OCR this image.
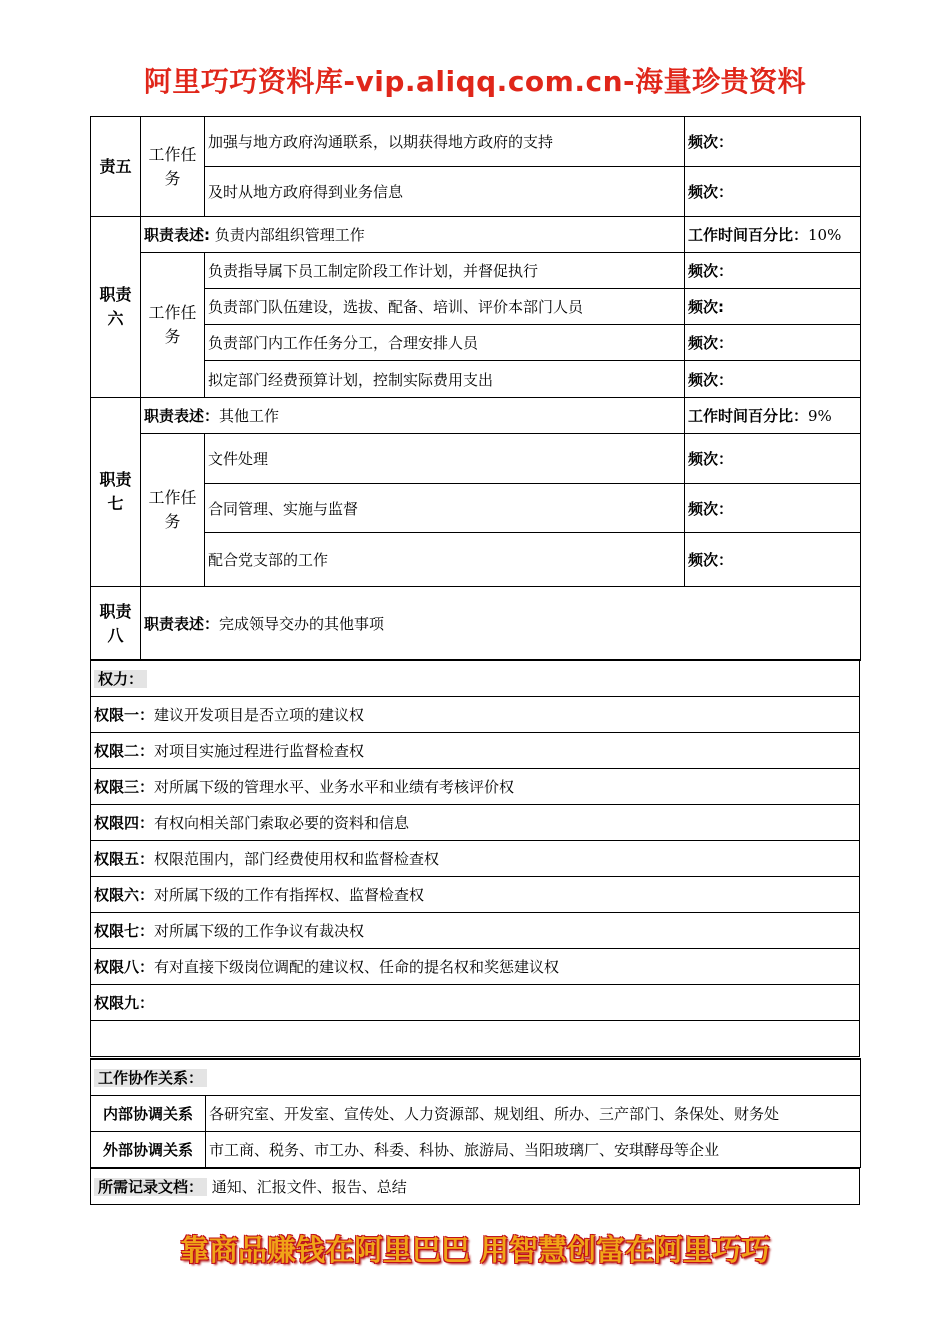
阿里巧巧资料库-vip.aliqq.com.cn-海量珍贵资料
责五	工作任务	加强与地方政府沟通联系，以期获得地方政府的支持	频次：
		及时从地方政府得到业务信息	频次：
职责六	职责表述: 负责内部组织管理工作		工作时间百分比：10%
	工作任务	负责指导属下员工制定阶段工作计划，并督促执行	频次：
		负责部门队伍建设，选拔、配备、培训、评价本部门人员	频次:
		负责部门内工作任务分工，合理安排人员	频次：
		拟定部门经费预算计划，控制实际费用支出	频次：
职责七	职责表述：其他工作		工作时间百分比：9%
	工作任务	文件处理	频次：
		合同管理、实施与监督	频次：
		配合党支部的工作	频次：
职责八	职责表述：完成领导交办的其他事项		
权力：
权限一：建议开发项目是否立项的建议权
权限二：对项目实施过程进行监督检查权
权限三：对所属下级的管理水平、业务水平和业绩有考核评价权
权限四：有权向相关部门索取必要的资料和信息
权限五：权限范围内，部门经费使用权和监督检查权
权限六：对所属下级的工作有指挥权、监督检查权
权限七：对所属下级的工作争议有裁决权
权限八：有对直接下级岗位调配的建议权、任命的提名权和奖惩建议权
权限九：

工作协作关系：	
内部协调关系	各研究室、开发室、宣传处、人力资源部、规划组、所办、三产部门、条保处、财务处
外部协调关系	市工商、税务、市工办、科委、科协、旅游局、当阳玻璃厂、安琪酵母等企业
所需记录文档： 通知、汇报文件、报告、总结
靠商品赚钱在阿里巴巴 用智慧创富在阿里巧巧
